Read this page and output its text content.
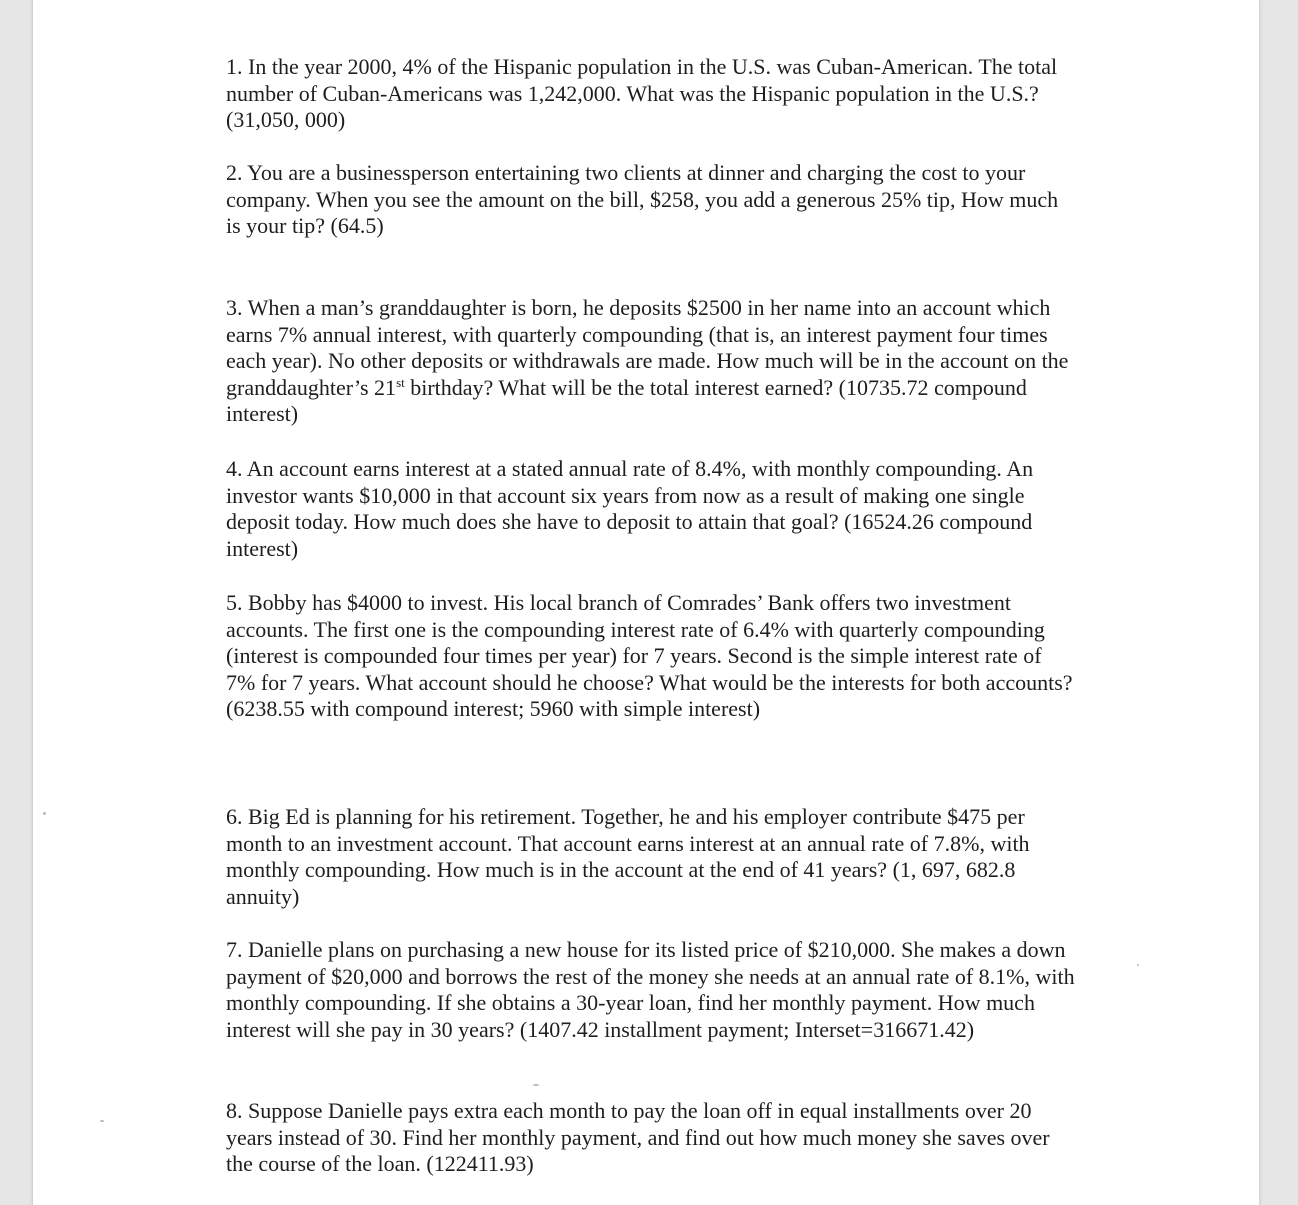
1. In the year 2000, 4% of the Hispanic population in the U.S. was Cuban-American. The total number of Cuban-Americans was 1,242,000. What was the Hispanic population in the U.S.? (31,050, 000)

2. You are a businessperson entertaining two clients at dinner and charging the cost to your company. When you see the amount on the bill, $258, you add a generous 25% tip, How much is your tip? (64.5)

3. When a man’s granddaughter is born, he deposits $2500 in her name into an account which earns 7% annual interest, with quarterly compounding (that is, an interest payment four times each year). No other deposits or withdrawals are made. How much will be in the account on the granddaughter’s 21st birthday? What will be the total interest earned? (10735.72 compound interest)

4. An account earns interest at a stated annual rate of 8.4%, with monthly compounding. An investor wants $10,000 in that account six years from now as a result of making one single deposit today. How much does she have to deposit to attain that goal? (16524.26 compound interest)

5. Bobby has $4000 to invest. His local branch of Comrades’ Bank offers two investment accounts. The first one is the compounding interest rate of 6.4% with quarterly compounding (interest is compounded four times per year) for 7 years. Second is the simple interest rate of 7% for 7 years. What account should he choose? What would be the interests for both accounts? (6238.55 with compound interest; 5960 with simple interest)

6. Big Ed is planning for his retirement. Together, he and his employer contribute $475 per month to an investment account. That account earns interest at an annual rate of 7.8%, with monthly compounding. How much is in the account at the end of 41 years? (1, 697, 682.8 annuity)

7. Danielle plans on purchasing a new house for its listed price of $210,000. She makes a down payment of $20,000 and borrows the rest of the money she needs at an annual rate of 8.1%, with monthly compounding. If she obtains a 30-year loan, find her monthly payment. How much interest will she pay in 30 years? (1407.42 installment payment; Interset=316671.42)

8. Suppose Danielle pays extra each month to pay the loan off in equal installments over 20 years instead of 30. Find her monthly payment, and find out how much money she saves over the course of the loan. (122411.93)
